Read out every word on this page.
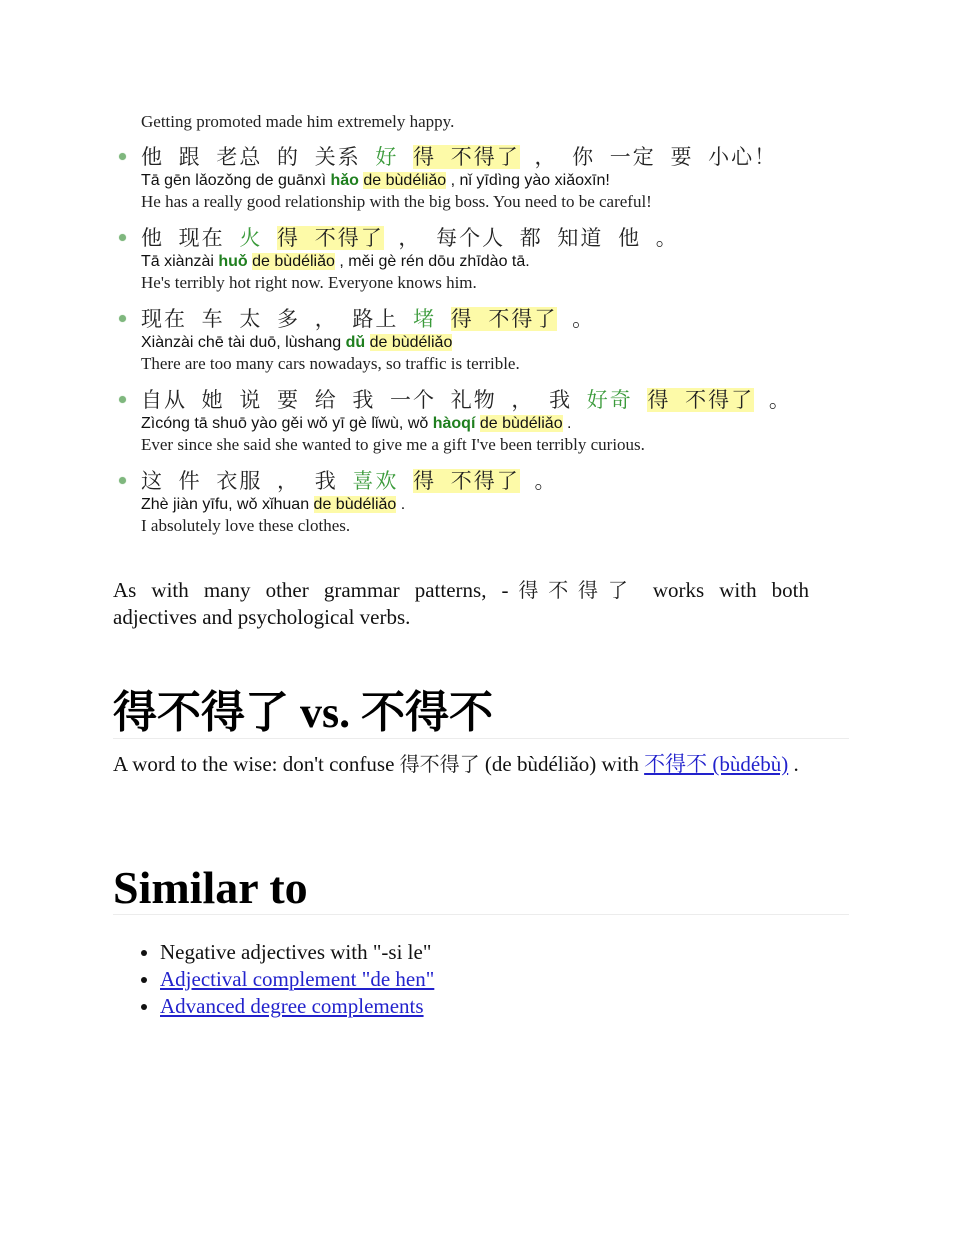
Getting promoted made him extremely happy.
他 跟 老总 的 关系 好 得 不得了 ， 你 一定 要 小心！
Tā gēn lǎozǒng de guānxì hǎo de bùdéliǎo , nǐ yīdìng yào xiǎoxīn!
He has a really good relationship with the big boss. You need to be careful!
他 现在 火 得 不得了 ， 每个人 都 知道 他 。
Tā xiànzài huǒ de bùdéliǎo , měi gè rén dōu zhīdào tā.
He's terribly hot right now. Everyone knows him.
现在 车 太 多 ， 路上 堵 得 不得了 。
Xiànzài chē tài duō, lùshang dǔ de bùdéliǎo
There are too many cars nowadays, so traffic is terrible.
自从 她 说 要 给 我 一个 礼物 ， 我 好奇 得 不得了 。
Zìcóng tā shuō yào gěi wǒ yī gè lǐwù, wǒ hàoqí de bùdéliǎo .
Ever since she said she wanted to give me a gift I've been terribly curious.
这 件 衣服 ， 我 喜欢 得 不得了 。
Zhè jiàn yīfu, wǒ xǐhuan de bùdéliǎo .
I absolutely love these clothes.
As with many other grammar patterns, -得不得了 works with both
adjectives and psychological verbs.
得不得了 vs. 不得不
A word to the wise: don't confuse 得不得了 (de bùdéliǎo) with 不得不 (bùdébù) .
Similar to
• Negative adjectives with "-si le"
• Adjectival complement "de hen"
• Advanced degree complements
